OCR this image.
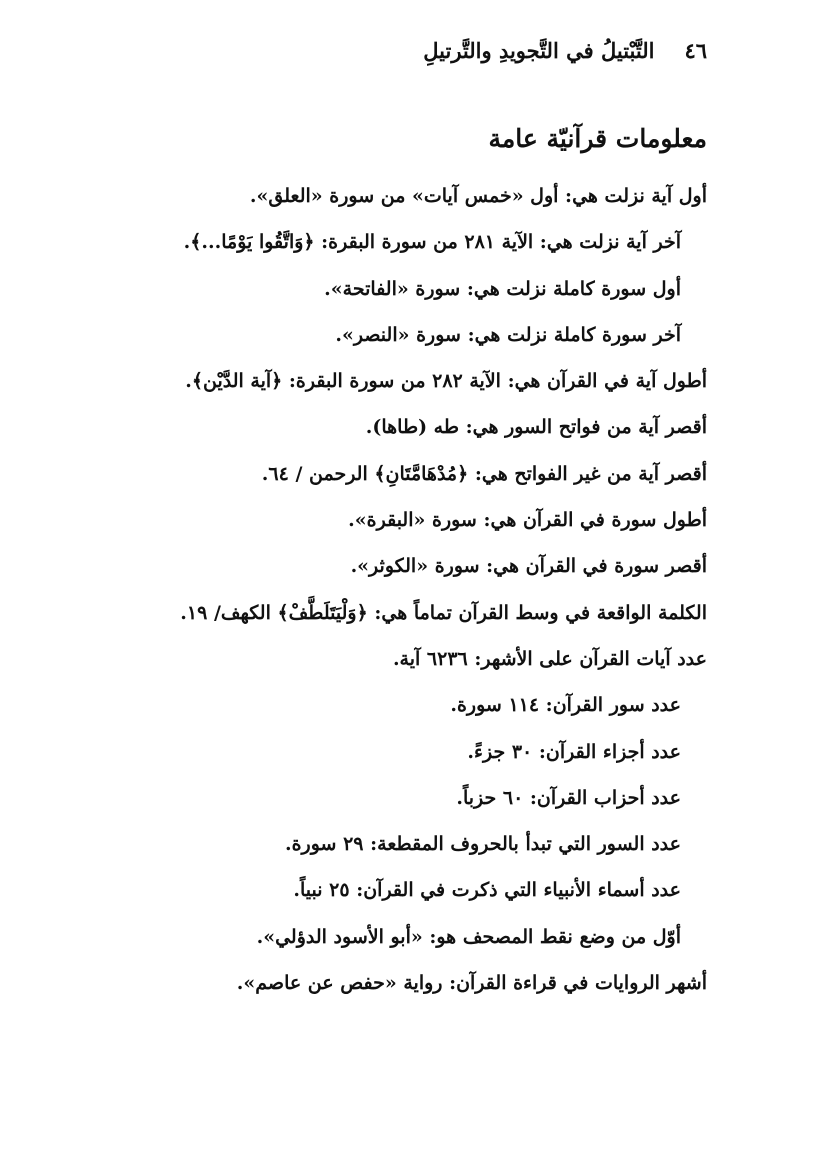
٤٦
التَّبْتيلُ في التَّجويدِ والتَّرتيلِ
معلومات قرآنيّة عامة
أول آية نزلت هي: أول «خمس آيات» من سورة «العلق».
آخر آية نزلت هي: الآية ٢٨١ من سورة البقرة: ﴿وَاتَّقُوا يَوْمًا...﴾.
أول سورة كاملة نزلت هي: سورة «الفاتحة».
آخر سورة كاملة نزلت هي: سورة «النصر».
أطول آية في القرآن هي: الآية ٢٨٢ من سورة البقرة: ﴿آية الدَّيْن﴾.
أقصر آية من فواتح السور هي: طه (طاها).
أقصر آية من غير الفواتح هي: ﴿مُدْهَامَّتَانِ﴾ الرحمن / ٦٤.
أطول سورة في القرآن هي: سورة «البقرة».
أقصر سورة في القرآن هي: سورة «الكوثر».
الكلمة الواقعة في وسط القرآن تماماً هي: ﴿وَلْيَتَلَطَّفْ﴾ الكهف/ ١٩.
عدد آيات القرآن على الأشهر: ٦٢٣٦ آية.
عدد سور القرآن: ١١٤ سورة.
عدد أجزاء القرآن: ٣٠ جزءً.
عدد أحزاب القرآن: ٦٠ حزباً.
عدد السور التي تبدأ بالحروف المقطعة: ٢٩ سورة.
عدد أسماء الأنبياء التي ذكرت في القرآن: ٢٥ نبياً.
أوّل من وضع نقط المصحف هو: «أبو الأسود الدؤلي».
أشهر الروايات في قراءة القرآن: رواية «حفص عن عاصم».
